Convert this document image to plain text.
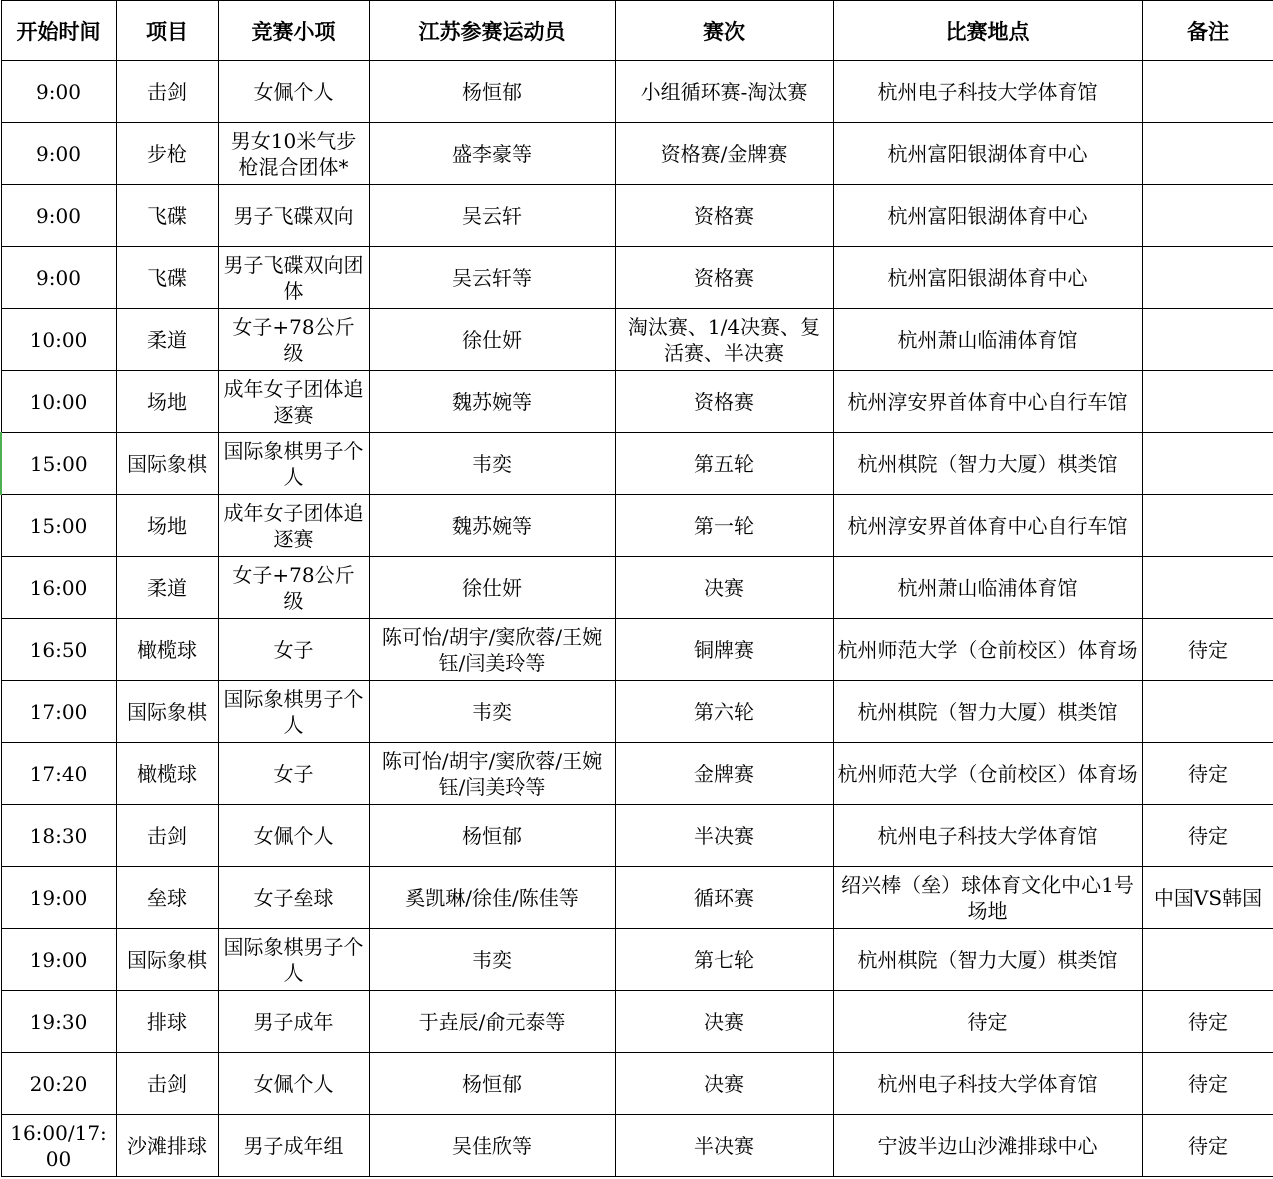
开始时间	项目	竞赛小项	江苏参赛运动员	赛次	比赛地点	备注
9:00	击剑	女佩个人	杨恒郁	小组循环赛-淘汰赛	杭州电子科技大学体育馆	
9:00	步枪	男女10米气步枪混合团体*	盛李豪等	资格赛/金牌赛	杭州富阳银湖体育中心	
9:00	飞碟	男子飞碟双向	吴云轩	资格赛	杭州富阳银湖体育中心	
9:00	飞碟	男子飞碟双向团体	吴云轩等	资格赛	杭州富阳银湖体育中心	
10:00	柔道	女子+78公斤级	徐仕妍	淘汰赛、1/4决赛、复活赛、半决赛	杭州萧山临浦体育馆	
10:00	场地	成年女子团体追逐赛	魏苏婉等	资格赛	杭州淳安界首体育中心自行车馆	
15:00	国际象棋	国际象棋男子个人	韦奕	第五轮	杭州棋院（智力大厦）棋类馆	
15:00	场地	成年女子团体追逐赛	魏苏婉等	第一轮	杭州淳安界首体育中心自行车馆	
16:00	柔道	女子+78公斤级	徐仕妍	决赛	杭州萧山临浦体育馆	
16:50	橄榄球	女子	陈可怡/胡宇/窦欣蓉/王婉钰/闫美玲等	铜牌赛	杭州师范大学（仓前校区）体育场	待定
17:00	国际象棋	国际象棋男子个人	韦奕	第六轮	杭州棋院（智力大厦）棋类馆	
17:40	橄榄球	女子	陈可怡/胡宇/窦欣蓉/王婉钰/闫美玲等	金牌赛	杭州师范大学（仓前校区）体育场	待定
18:30	击剑	女佩个人	杨恒郁	半决赛	杭州电子科技大学体育馆	待定
19:00	垒球	女子垒球	奚凯琳/徐佳/陈佳等	循环赛	绍兴棒（垒）球体育文化中心1号场地	中国VS韩国
19:00	国际象棋	国际象棋男子个人	韦奕	第七轮	杭州棋院（智力大厦）棋类馆	
19:30	排球	男子成年	于垚辰/俞元泰等	决赛	待定	待定
20:20	击剑	女佩个人	杨恒郁	决赛	杭州电子科技大学体育馆	待定
16:00/17:00	沙滩排球	男子成年组	吴佳欣等	半决赛	宁波半边山沙滩排球中心	待定
